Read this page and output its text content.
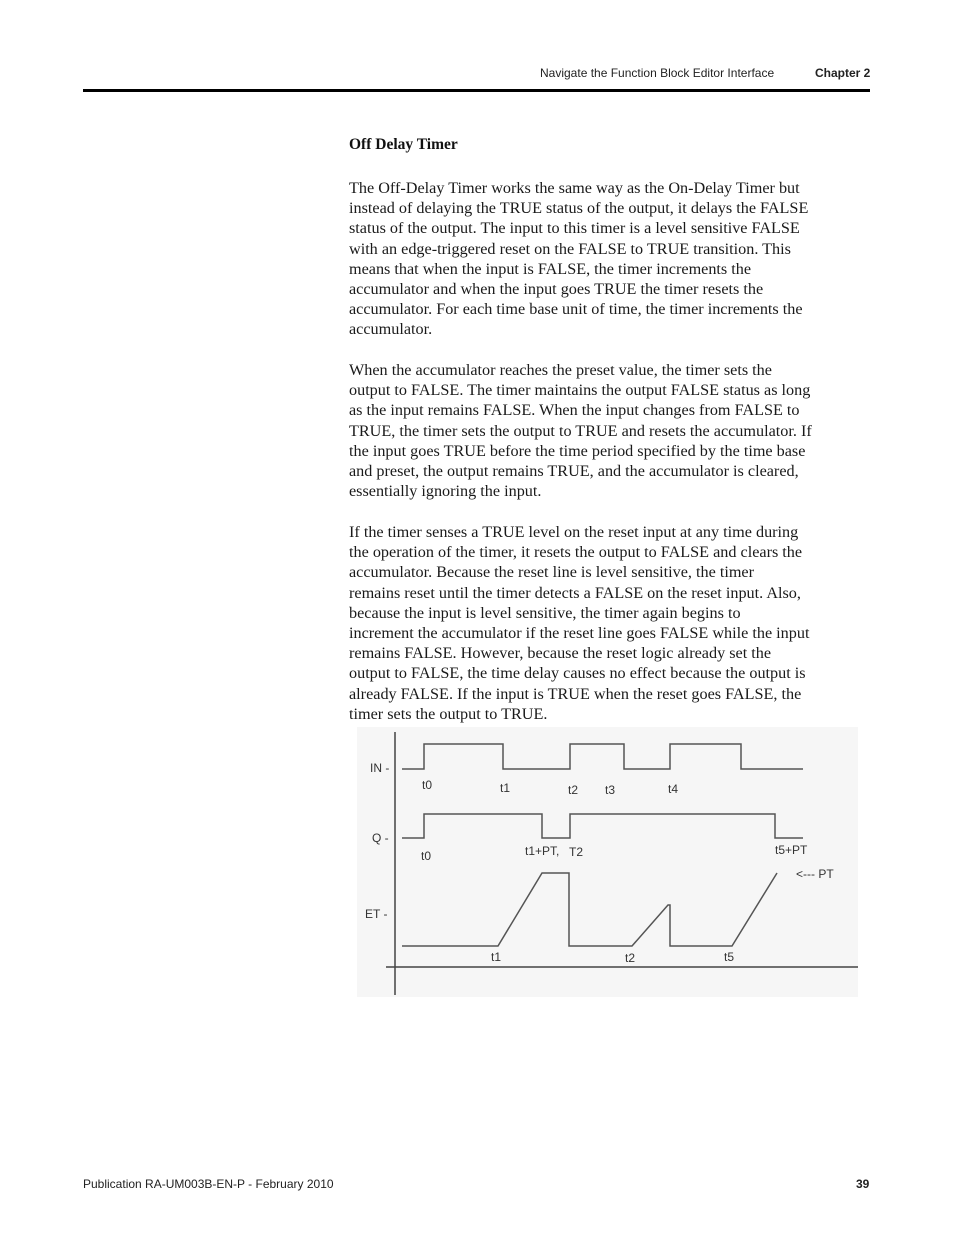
Navigate the Function Block Editor Interface	Chapter 2
Off Delay Timer
The Off-Delay Timer works the same way as the On-Delay Timer but
instead of delaying the TRUE status of the output, it delays the FALSE
status of the output. The input to this timer is a level sensitive FALSE
with an edge-triggered reset on the FALSE to TRUE transition. This
means that when the input is FALSE, the timer increments the
accumulator and when the input goes TRUE the timer resets the
accumulator. For each time base unit of time, the timer increments the
accumulator.
When the accumulator reaches the preset value, the timer sets the
output to FALSE. The timer maintains the output FALSE status as long
as the input remains FALSE. When the input changes from FALSE to
TRUE, the timer sets the output to TRUE and resets the accumulator. If
the input goes TRUE before the time period specified by the time base
and preset, the output remains TRUE, and the accumulator is cleared,
essentially ignoring the input.
If the timer senses a TRUE level on the reset input at any time during
the operation of the timer, it resets the output to FALSE and clears the
accumulator. Because the reset line is level sensitive, the timer
remains reset until the timer detects a FALSE on the reset input. Also,
because the input is level sensitive, the timer again begins to
increment the accumulator if the reset line goes FALSE while the input
remains FALSE. However, because the reset logic already set the
output to FALSE, the time delay causes no effect because the output is
already FALSE. If the input is TRUE when the reset goes FALSE, the
timer sets the output to TRUE.
IN -
Q -
ET -
t0	t1	t2 t3	t4
t0	t1+PT, T2	t5+PT
t1	t2	t5
<--- PT
Publication RA-UM003B-EN-P - February 2010	39
